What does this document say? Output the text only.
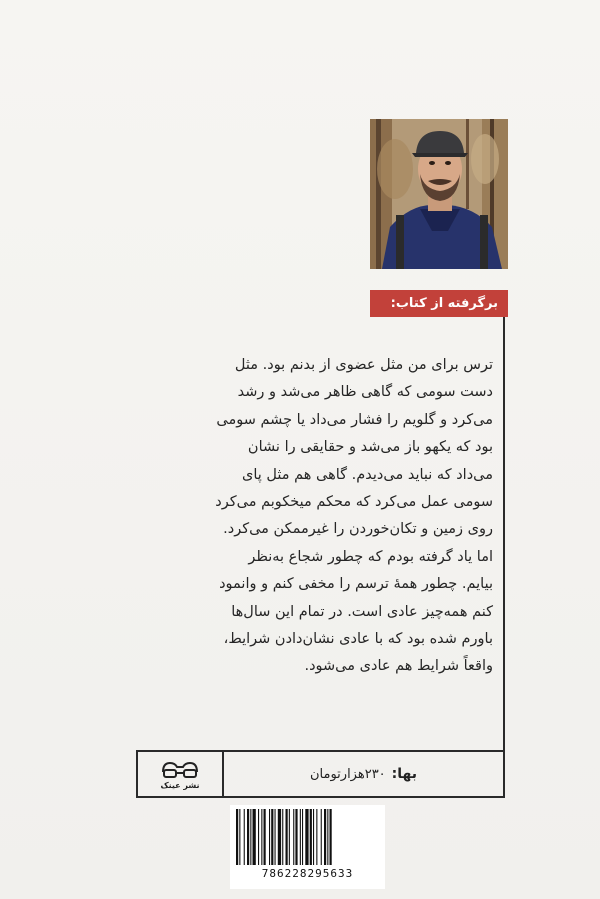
برگرفته از کتاب:

ترس برای من مثل عضوی از بدنم بود. مثل

دست سومی که گاهی ظاهر می‌شد و رشد

می‌کرد و گلویم را فشار می‌داد یا چشم سومی

بود که یکهو باز می‌شد و حقایقی را نشان

می‌داد که نباید می‌دیدم. گاهی هم مثل پای

سومی عمل می‌کرد که محکم میخکوبم می‌کرد

روی زمین و تکان‌خوردن را غیرممکن می‌کرد.

اما یاد گرفته بودم که چطور شجاع به‌نظر

بیایم. چطور همهٔ ترسم را مخفی کنم و وانمود

کنم همه‌چیز عادی است. در تمام این سال‌ها

باورم شده بود که با عادی نشان‌دادن شرایط،

واقعاً شرایط هم عادی می‌شود.

نشر عینک
بها:
۲۳۰هزارتومان
786228295633
